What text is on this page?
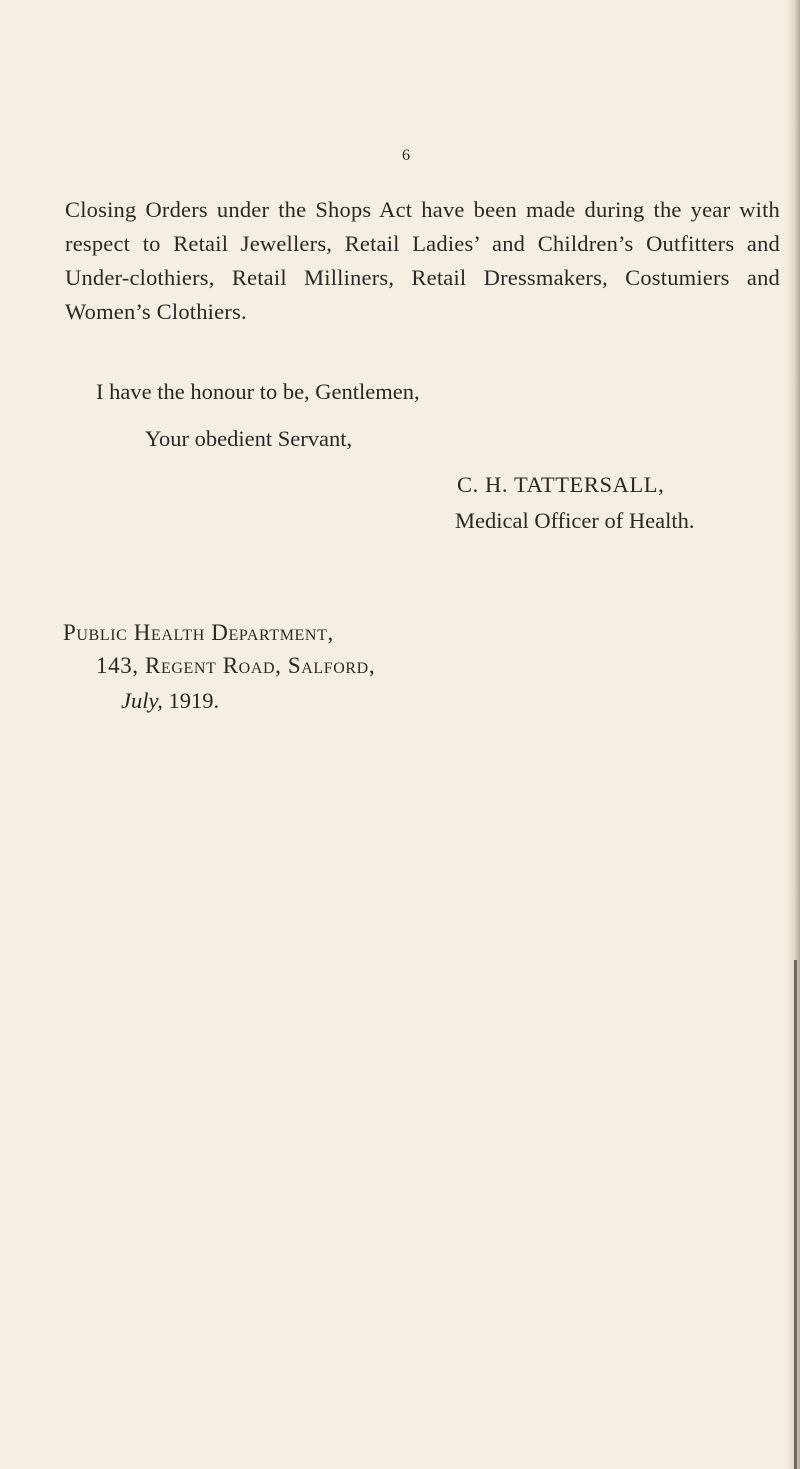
6

Closing Orders under the Shops Act have been made during the year with respect to Retail Jewellers, Retail Ladies’ and Children’s Outfitters and Under-clothiers, Retail Milliners, Retail Dressmakers, Costumiers and Women’s Clothiers.

I have the honour to be, Gentlemen,
Your obedient Servant,
C. H. TATTERSALL,
Medical Officer of Health.
Public Health Department,
143, Regent Road, Salford,
July, 1919.
